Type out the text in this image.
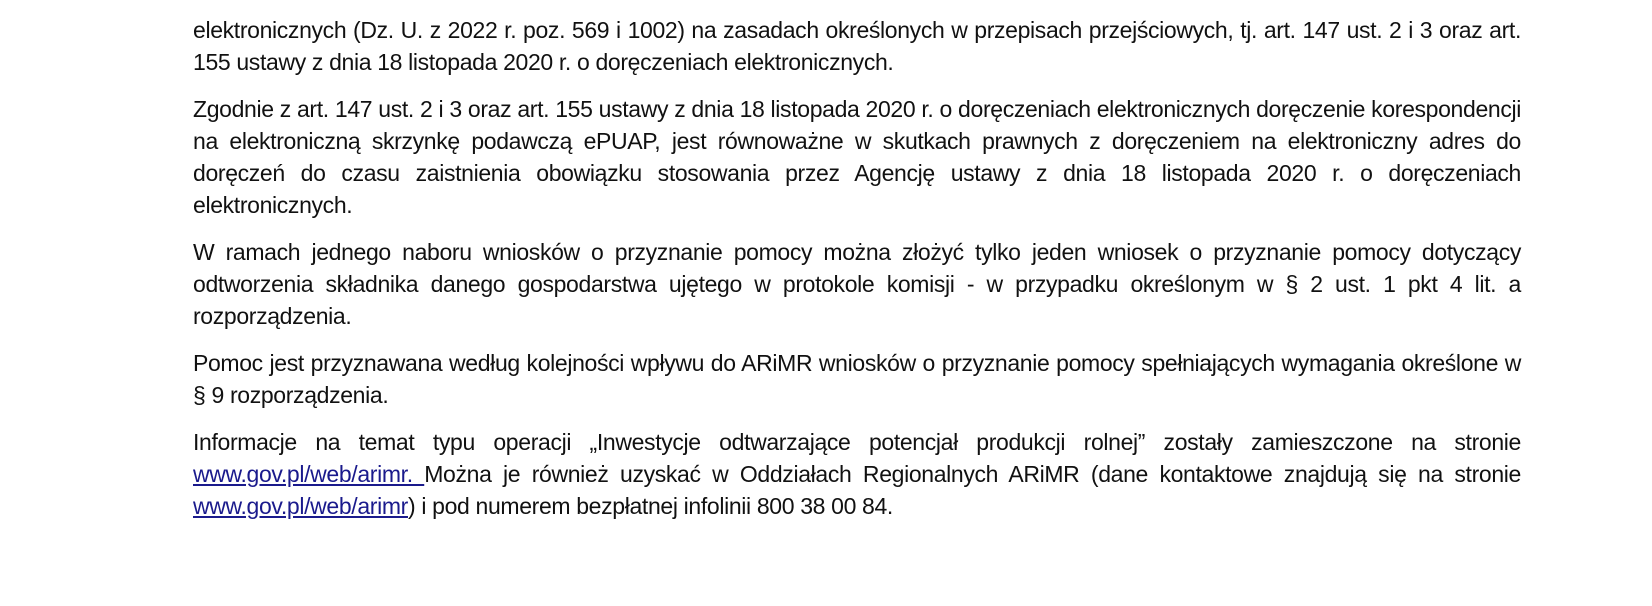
elektronicznych (Dz. U. z 2022 r. poz. 569 i 1002) na zasadach określonych w przepisach przejściowych, tj. art. 147 ust. 2 i 3 oraz art. 155 ustawy z dnia 18 listopada 2020 r. o doręczeniach elektronicznych.

Zgodnie z art. 147 ust. 2 i 3 oraz art. 155 ustawy z dnia 18 listopada 2020 r. o doręczeniach elektronicznych doręczenie korespondencji na elektroniczną skrzynkę podawczą ePUAP, jest równoważne w skutkach prawnych z doręczeniem na elektroniczny adres do doręczeń do czasu zaistnienia obowiązku stosowania przez Agencję ustawy z dnia 18 listopada 2020 r. o doręczeniach elektronicznych.

W ramach jednego naboru wniosków o przyznanie pomocy można złożyć tylko jeden wniosek o przyznanie pomocy dotyczący odtworzenia składnika danego gospodarstwa ujętego w protokole komisji - w przypadku określonym w § 2 ust. 1 pkt 4 lit. a rozporządzenia.

Pomoc jest przyznawana według kolejności wpływu do ARiMR wniosków o przyznanie pomocy spełniających wymagania określone w § 9 rozporządzenia.

Informacje na temat typu operacji „Inwestycje odtwarzające potencjał produkcji rolnej” zostały zamieszczone na stronie www.gov.pl/web/arimr. Można je również uzyskać w Oddziałach Regionalnych ARiMR (dane kontaktowe znajdują się na stronie www.gov.pl/web/arimr) i pod numerem bezpłatnej infolinii 800 38 00 84.
